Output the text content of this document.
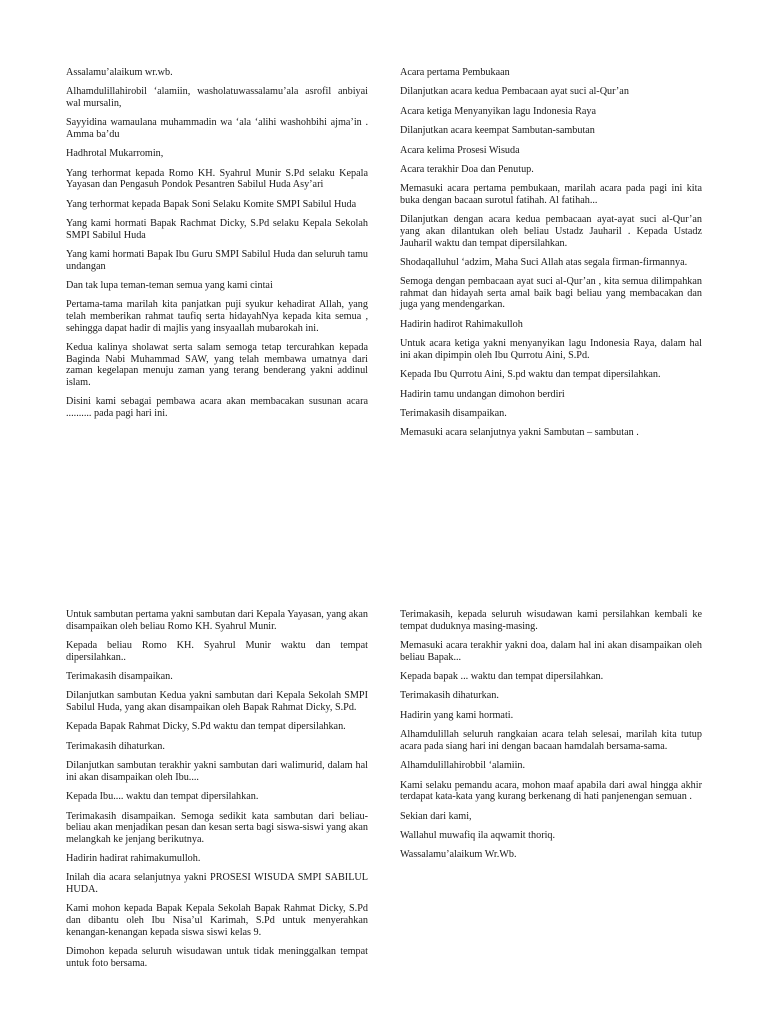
Assalamu’alaikum wr.wb.

Alhamdulillahirobil ‘alamiin, washolatuwassalamu’ala asrofil anbiyai wal mursalin,

Sayyidina wamaulana muhammadin wa ‘ala ‘alihi washohbihi ajma’in . Amma ba’du

Hadhrotal Mukarromin,

Yang terhormat kepada Romo KH. Syahrul Munir S.Pd selaku Kepala Yayasan dan Pengasuh Pondok Pesantren Sabilul Huda Asy’ari

Yang terhormat kepada Bapak Soni Selaku Komite SMPI Sabilul Huda

Yang kami hormati Bapak Rachmat Dicky, S.Pd selaku Kepala Sekolah SMPI Sabilul Huda

Yang kami hormati Bapak Ibu Guru SMPI Sabilul Huda dan seluruh tamu undangan

Dan tak lupa teman-teman semua yang kami cintai

Pertama-tama marilah kita panjatkan puji syukur kehadirat Allah, yang telah memberikan rahmat taufiq serta hidayahNya kepada kita semua , sehingga dapat hadir di majlis yang insyaallah mubarokah ini.

Kedua kalinya sholawat serta salam semoga tetap tercurahkan kepada Baginda Nabi Muhammad SAW, yang telah membawa umatnya dari zaman kegelapan menuju zaman yang terang benderang yakni addinul islam.

Disini kami sebagai pembawa acara akan membacakan susunan acara .......... pada pagi hari ini.

Acara pertama Pembukaan

Dilanjutkan acara kedua Pembacaan ayat suci al-Qur’an

Acara ketiga Menyanyikan lagu Indonesia Raya

Dilanjutkan acara keempat Sambutan-sambutan

Acara kelima Prosesi Wisuda

Acara terakhir Doa dan Penutup.

Memasuki acara pertama pembukaan, marilah acara pada pagi ini kita buka dengan bacaan surotul fatihah. Al fatihah...

Dilanjutkan dengan acara kedua pembacaan ayat-ayat suci al-Qur’an yang akan dilantukan oleh beliau Ustadz Jauharil . Kepada Ustadz Jauharil waktu dan tempat dipersilahkan.

Shodaqalluhul ‘adzim, Maha Suci Allah atas segala firman-firmannya.

Semoga dengan pembacaan ayat suci al-Qur’an , kita semua dilimpahkan rahmat dan hidayah serta amal baik bagi beliau yang membacakan dan juga yang mendengarkan.

Hadirin hadirot Rahimakulloh

Untuk acara ketiga yakni menyanyikan lagu Indonesia Raya, dalam hal ini akan dipimpin oleh Ibu Qurrotu Aini, S.Pd.

Kepada Ibu Qurrotu Aini, S.pd waktu dan tempat dipersilahkan.

Hadirin tamu undangan dimohon berdiri

Terimakasih disampaikan.

Memasuki acara selanjutnya yakni Sambutan – sambutan .

Untuk sambutan pertama yakni sambutan dari Kepala Yayasan, yang akan disampaikan oleh beliau Romo KH. Syahrul Munir.

Kepada beliau Romo KH. Syahrul Munir waktu dan tempat dipersilahkan..

Terimakasih disampaikan.

Dilanjutkan sambutan Kedua yakni sambutan dari Kepala Sekolah SMPI Sabilul Huda, yang akan disampaikan oleh Bapak Rahmat Dicky, S.Pd.

Kepada Bapak Rahmat Dicky, S.Pd waktu dan tempat dipersilahkan.

Terimakasih dihaturkan.

Dilanjutkan sambutan terakhir yakni sambutan dari walimurid, dalam hal ini akan disampaikan oleh Ibu....

Kepada Ibu.... waktu dan tempat dipersilahkan.

Terimakasih disampaikan. Semoga sedikit kata sambutan dari beliau-beliau akan menjadikan pesan dan kesan serta bagi siswa-siswi yang akan melangkah ke jenjang berikutnya.

Hadirin hadirat rahimakumulloh.

Inilah dia acara selanjutnya yakni PROSESI WISUDA SMPI SABILUL HUDA.

Kami mohon kepada Bapak Kepala Sekolah Bapak Rahmat Dicky, S.Pd dan dibantu oleh Ibu Nisa’ul Karimah, S.Pd untuk menyerahkan kenangan-kenangan kepada siswa siswi kelas 9.

Dimohon kepada seluruh wisudawan untuk tidak meninggalkan tempat untuk foto bersama.

Terimakasih, kepada seluruh wisudawan kami persilahkan kembali ke tempat duduknya masing-masing.

Memasuki acara terakhir yakni doa, dalam hal ini akan disampaikan oleh beliau Bapak...

Kepada bapak ... waktu dan tempat dipersilahkan.

Terimakasih dihaturkan.

Hadirin yang kami hormati.

Alhamdulillah seluruh rangkaian acara telah selesai, marilah kita tutup acara pada siang hari ini dengan bacaan hamdalah bersama-sama.

Alhamdulillahirobbil ‘alamiin.

Kami selaku pemandu acara, mohon maaf apabila dari awal hingga akhir terdapat kata-kata yang kurang berkenang di hati panjenengan semuan .

Sekian dari kami,

Wallahul muwafiq ila aqwamit thoriq.

Wassalamu’alaikum Wr.Wb.
